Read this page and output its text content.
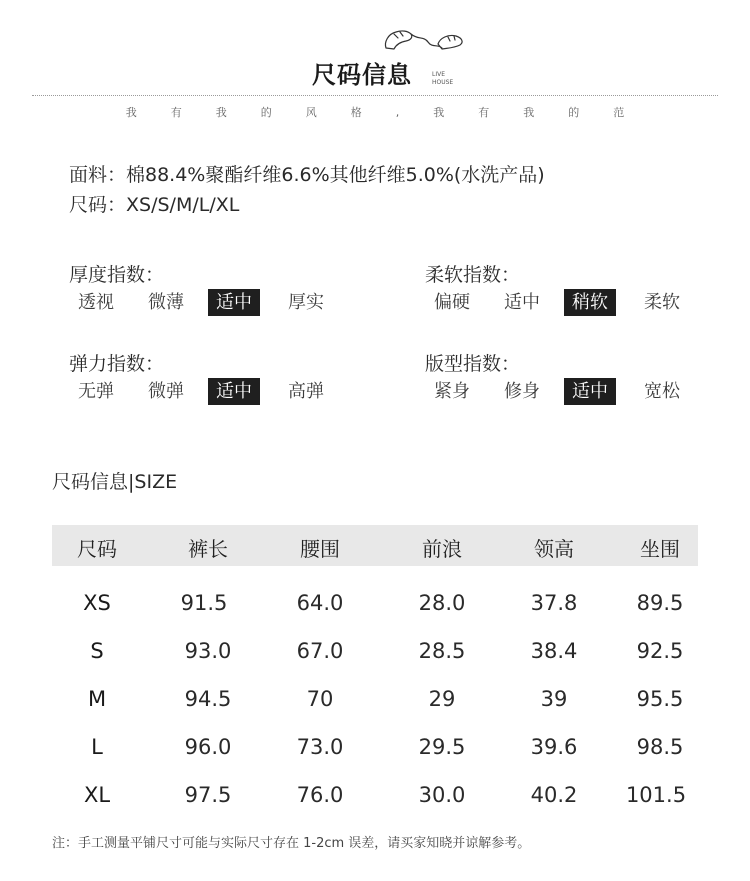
尺码信息	LIVE
HOUSE
我	有	我	的	风	格	,	我	有	我	的	范
面料：棉88.4%聚酯纤维6.6%其他纤维5.0%(水洗产品)
尺码：XS/S/M/L/XL
厚度指数：
透视	微薄	适中	厚实
柔软指数：
偏硬	适中	稍软	柔软
弹力指数：
无弹	微弹	适中	高弹
版型指数：
紧身	修身	适中	宽松
尺码信息|SIZE
尺码	裤长	腰围	前浪	领高	坐围
XS	91.5	64.0	28.0	37.8	89.5
S	93.0	67.0	28.5	38.4	92.5
M	94.5	70	29	39	95.5
L	96.0	73.0	29.5	39.6	98.5
XL	97.5	76.0	30.0	40.2	101.5
注：手工测量平铺尺寸可能与实际尺寸存在 1-2cm 误差，请买家知晓并谅解参考。
